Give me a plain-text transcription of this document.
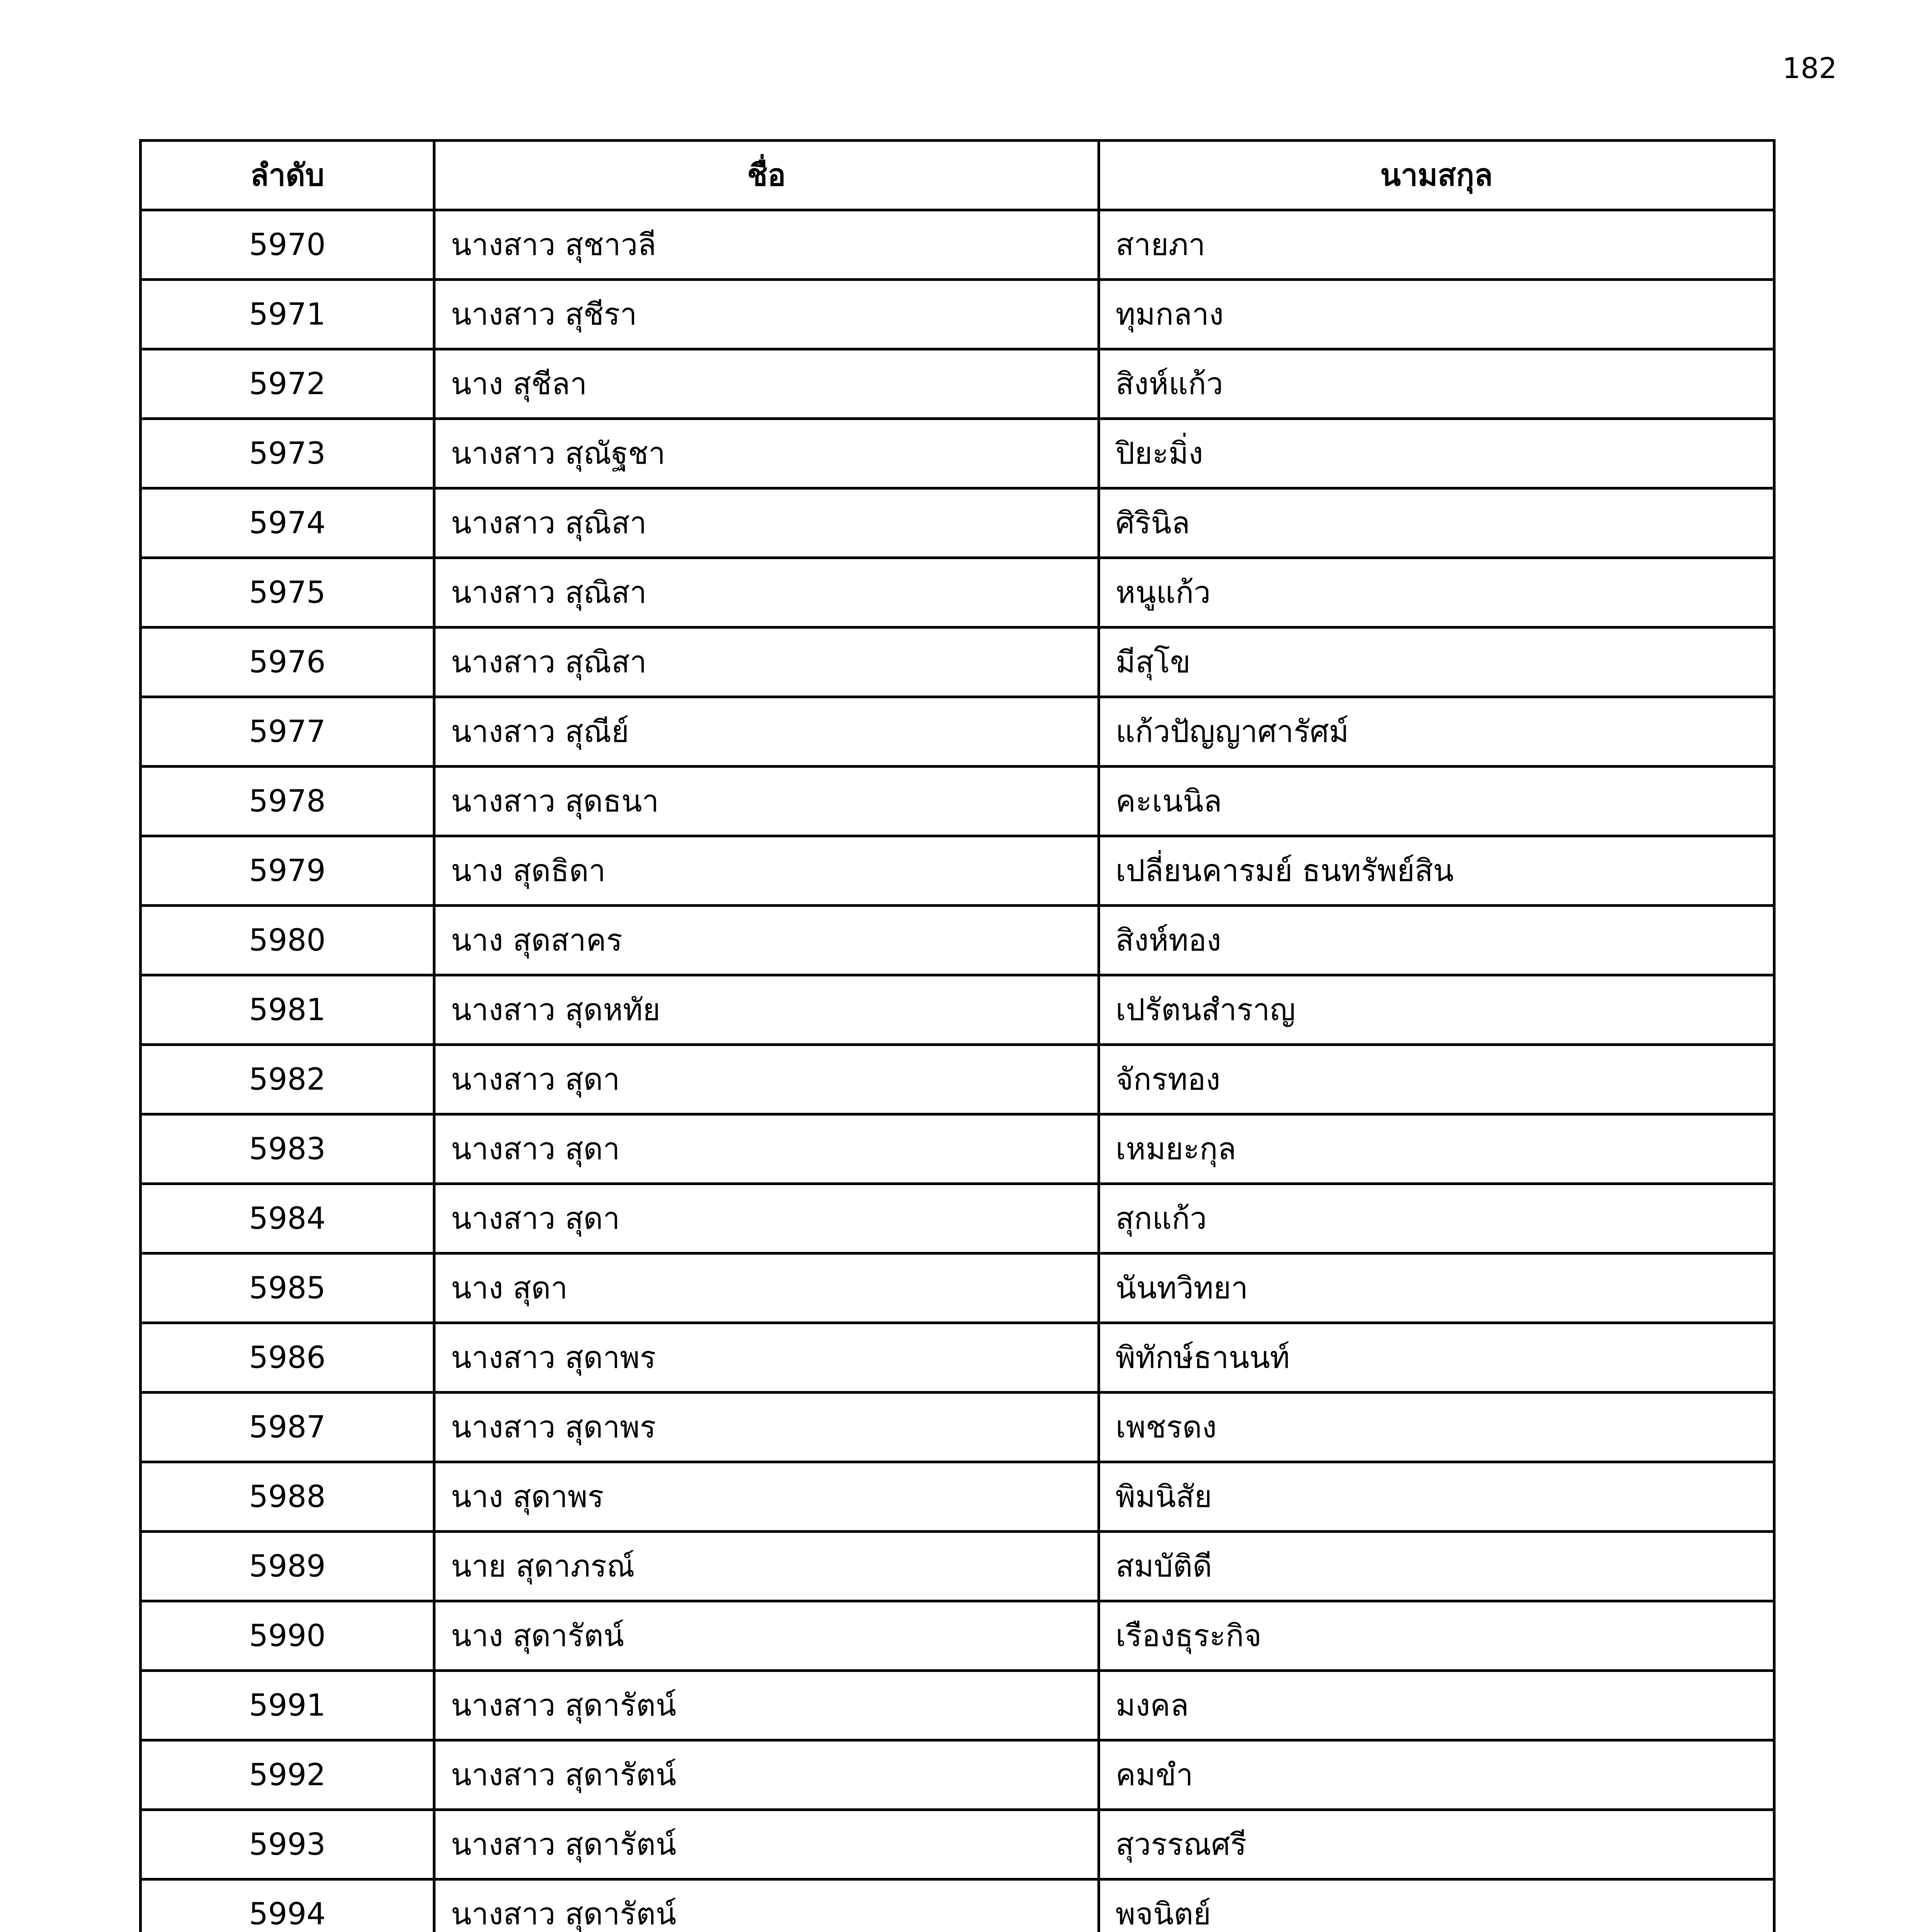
182
ลำดับ	ชื่อ	นามสกุล
5970	นางสาว สุชาวลี	สายภา
5971	นางสาว สุชีรา	ทุมกลาง
5972	นาง สุชีลา	สิงห์แก้ว
5973	นางสาว สุณัฐชา	ปิยะมิ่ง
5974	นางสาว สุณิสา	ศิรินิล
5975	นางสาว สุณิสา	หนูแก้ว
5976	นางสาว สุณิสา	มีสุโข
5977	นางสาว สุณีย์	แก้วปัญญาศารัศม์
5978	นางสาว สุดธนา	คะเนนิล
5979	นาง สุดธิดา	เปลี่ยนคารมย์ ธนทรัพย์สิน
5980	นาง สุดสาคร	สิงห์ทอง
5981	นางสาว สุดหทัย	เปรัตนสำราญ
5982	นางสาว สุดา	จักรทอง
5983	นางสาว สุดา	เหมยะกุล
5984	นางสาว สุดา	สุกแก้ว
5985	นาง สุดา	นันทวิทยา
5986	นางสาว สุดาพร	พิทักษ์ธานนท์
5987	นางสาว สุดาพร	เพชรดง
5988	นาง สุดาพร	พิมนิสัย
5989	นาย สุดาภรณ์	สมบัติดี
5990	นาง สุดารัตน์	เรืองธุระกิจ
5991	นางสาว สุดารัตน์	มงคล
5992	นางสาว สุดารัตน์	คมขำ
5993	นางสาว สุดารัตน์	สุวรรณศรี
5994	นางสาว สุดารัตน์	พจนิตย์
